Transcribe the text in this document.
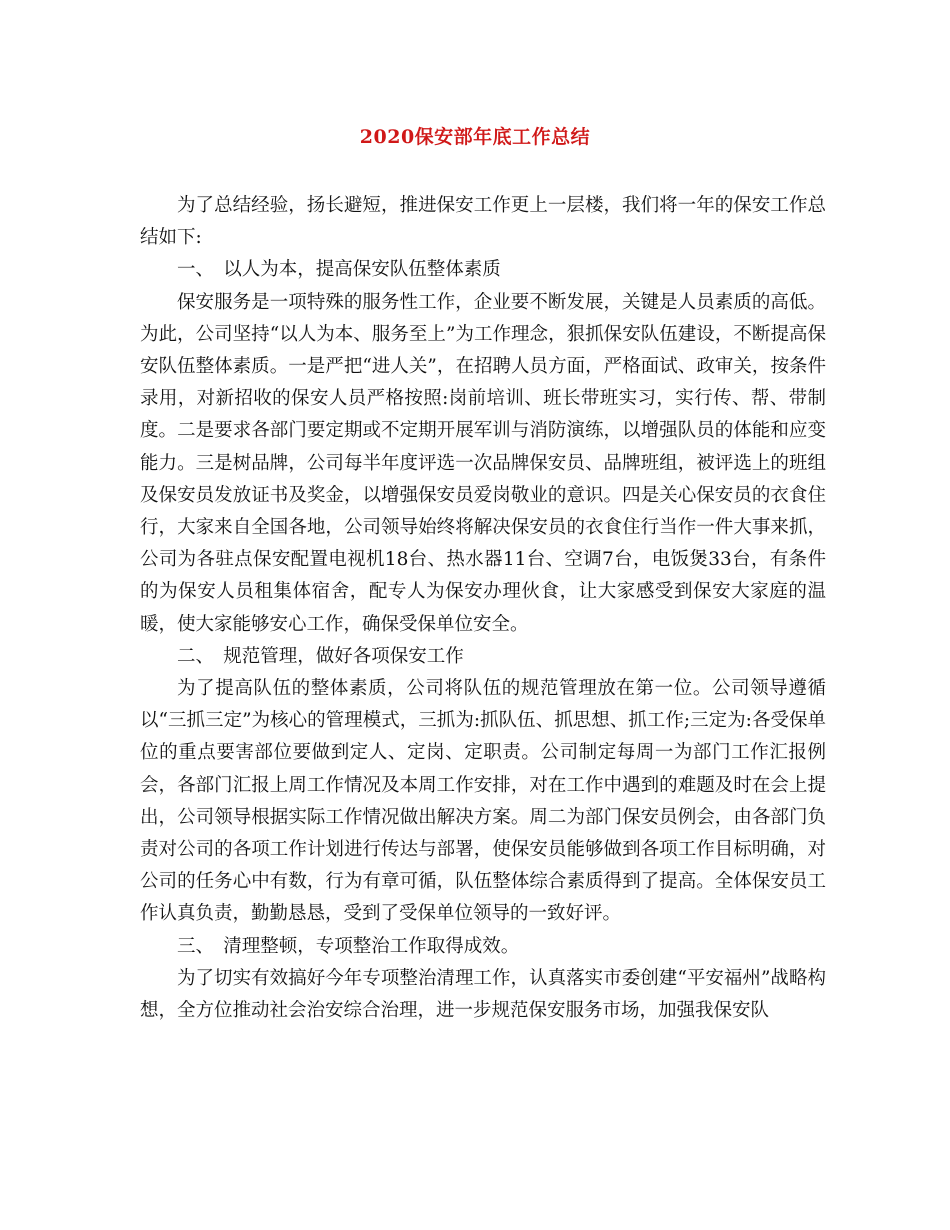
2020保安部年底工作总结

为了总结经验，扬长避短，推进保安工作更上一层楼，我们将一年的保安工作总结如下:

一、　以人为本，提高保安队伍整体素质

保安服务是一项特殊的服务性工作，企业要不断发展，关键是人员素质的高低。为此，公司坚持“以人为本、服务至上”为工作理念，狠抓保安队伍建设，不断提高保安队伍整体素质。一是严把“进人关”，在招聘人员方面，严格面试、政审关，按条件录用，对新招收的保安人员严格按照:岗前培训、班长带班实习，实行传、帮、带制度。二是要求各部门要定期或不定期开展军训与消防演练，以增强队员的体能和应变能力。三是树品牌，公司每半年度评选一次品牌保安员、品牌班组，被评选上的班组及保安员发放证书及奖金，以增强保安员爱岗敬业的意识。四是关心保安员的衣食住行，大家来自全国各地，公司领导始终将解决保安员的衣食住行当作一件大事来抓，公司为各驻点保安配置电视机18台、热水器11台、空调7台，电饭煲33台，有条件的为保安人员租集体宿舍，配专人为保安办理伙食，让大家感受到保安大家庭的温暖，使大家能够安心工作，确保受保单位安全。

二、　规范管理，做好各项保安工作

为了提高队伍的整体素质，公司将队伍的规范管理放在第一位。公司领导遵循以“三抓三定”为核心的管理模式，三抓为:抓队伍、抓思想、抓工作;三定为:各受保单位的重点要害部位要做到定人、定岗、定职责。公司制定每周一为部门工作汇报例会，各部门汇报上周工作情况及本周工作安排，对在工作中遇到的难题及时在会上提出，公司领导根据实际工作情况做出解决方案。周二为部门保安员例会，由各部门负责对公司的各项工作计划进行传达与部署，使保安员能够做到各项工作目标明确，对公司的任务心中有数，行为有章可循，队伍整体综合素质得到了提高。全体保安员工作认真负责，勤勤恳恳，受到了受保单位领导的一致好评。

三、　清理整顿，专项整治工作取得成效。

为了切实有效搞好今年专项整治清理工作，认真落实市委创建“平安福州”战略构想，全方位推动社会治安综合治理，进一步规范保安服务市场，加强我保安队
